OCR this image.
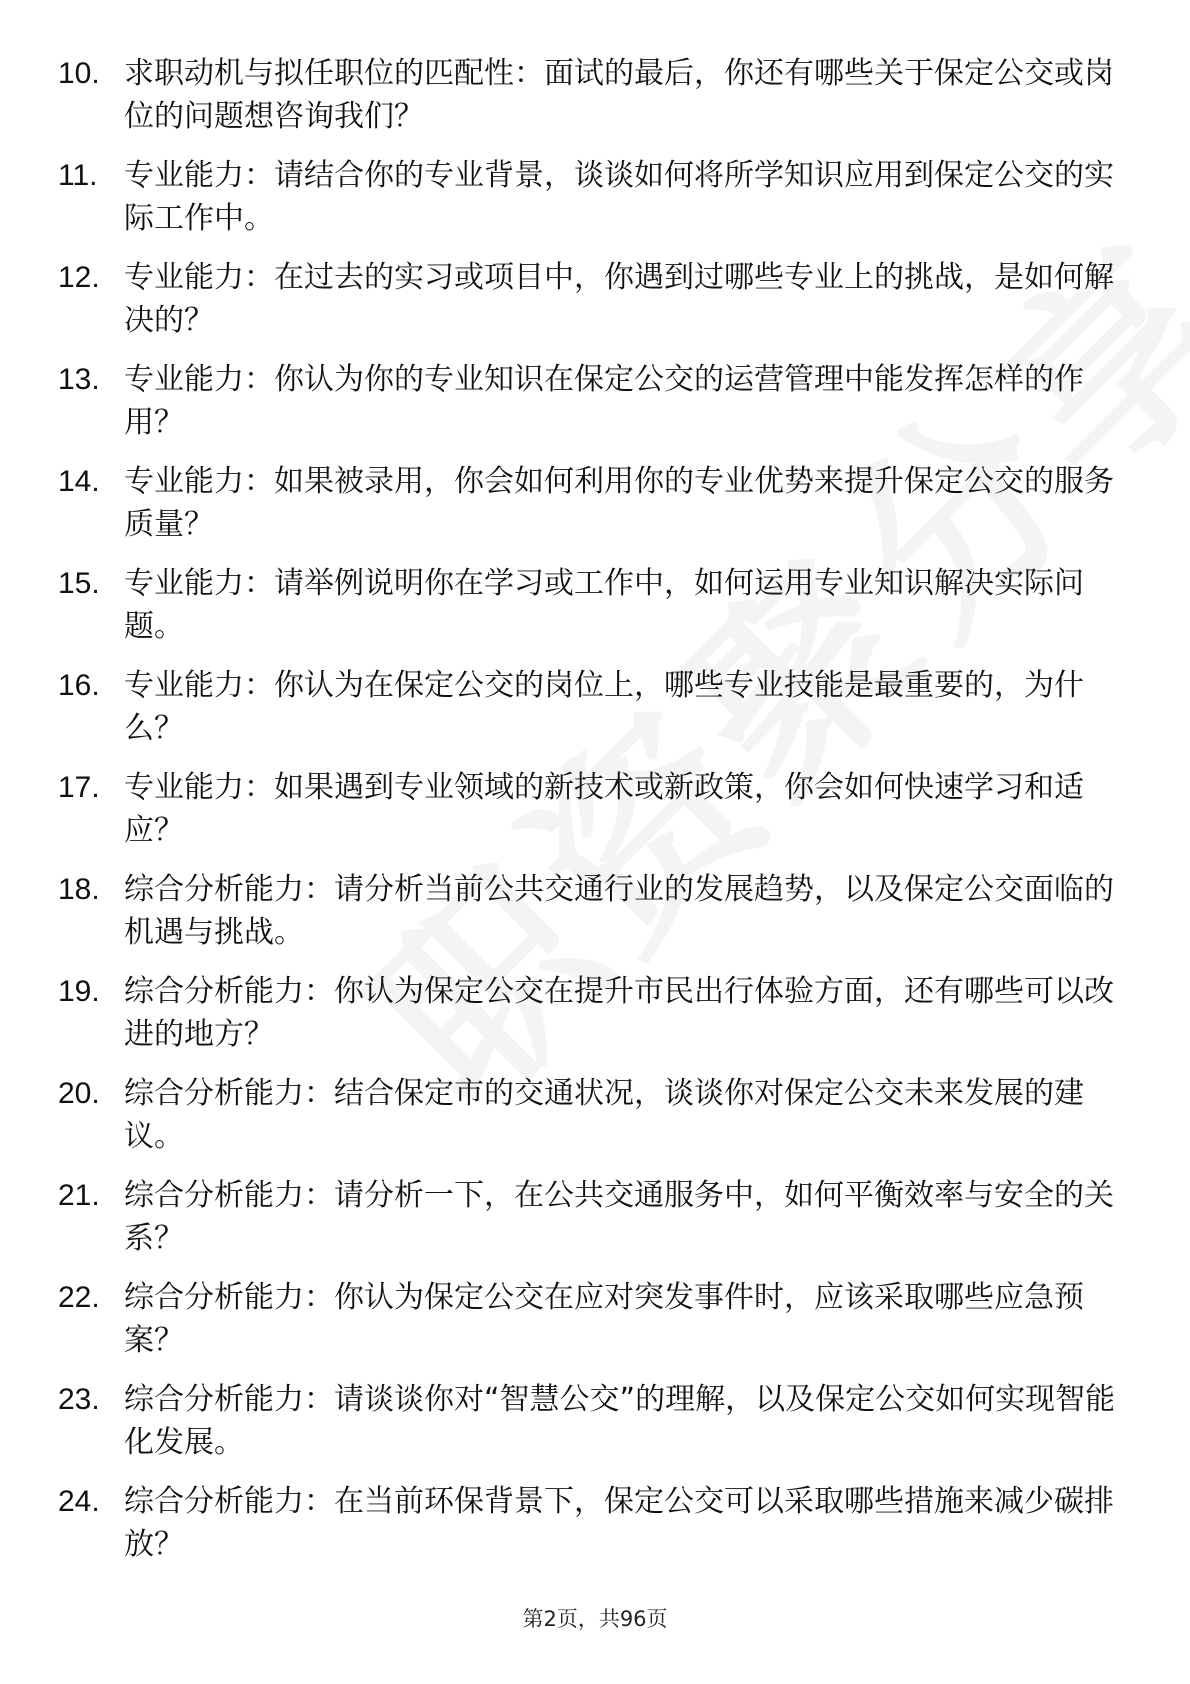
10. 求职动机与拟任职位的匹配性：面试的最后，你还有哪些关于保定公交或岗位的问题想咨询我们？
11. 专业能力：请结合你的专业背景，谈谈如何将所学知识应用到保定公交的实际工作中。
12. 专业能力：在过去的实习或项目中，你遇到过哪些专业上的挑战，是如何解决的？
13. 专业能力：你认为你的专业知识在保定公交的运营管理中能发挥怎样的作用？
14. 专业能力：如果被录用，你会如何利用你的专业优势来提升保定公交的服务质量？
15. 专业能力：请举例说明你在学习或工作中，如何运用专业知识解决实际问题。
16. 专业能力：你认为在保定公交的岗位上，哪些专业技能是最重要的，为什么？
17. 专业能力：如果遇到专业领域的新技术或新政策，你会如何快速学习和适应？
18. 综合分析能力：请分析当前公共交通行业的发展趋势，以及保定公交面临的机遇与挑战。
19. 综合分析能力：你认为保定公交在提升市民出行体验方面，还有哪些可以改进的地方？
20. 综合分析能力：结合保定市的交通状况，谈谈你对保定公交未来发展的建议。
21. 综合分析能力：请分析一下，在公共交通服务中，如何平衡效率与安全的关系？
22. 综合分析能力：你认为保定公交在应对突发事件时，应该采取哪些应急预案？
23. 综合分析能力：请谈谈你对“智慧公交”的理解，以及保定公交如何实现智能化发展。
24. 综合分析能力：在当前环保背景下，保定公交可以采取哪些措施来减少碳排放？
第2页，共96页
